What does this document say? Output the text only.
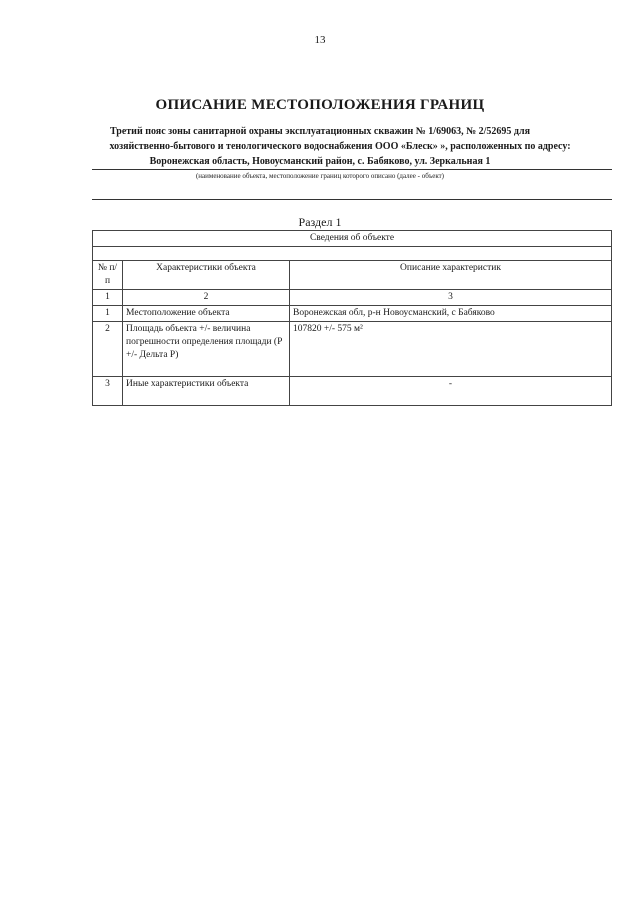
13
ОПИСАНИЕ МЕСТОПОЛОЖЕНИЯ ГРАНИЦ
Третий пояс зоны санитарной охраны эксплуатационных скважин № 1/69063, № 2/52695 для
хозяйственно-бытового и тенологического водоснабжения ООО «Блеск» », расположенных по адресу:
Воронежская область, Новоусманский район, с. Бабяково, ул. Зеркальная 1
(наименование объекта, местоположение границ которого описано (далее - объект)
Раздел 1
Сведения об объекте		

№ п/п	Характеристики объекта	Описание характеристик
1	2	3
1	Местоположение объекта	Воронежская обл, р-н Новоусманский, с Бабяково
2	Площадь объекта +/- величина погрешности определения площади (Р +/- Дельта Р)	107820 +/- 575 м²
3	Иные характеристики объекта	-
